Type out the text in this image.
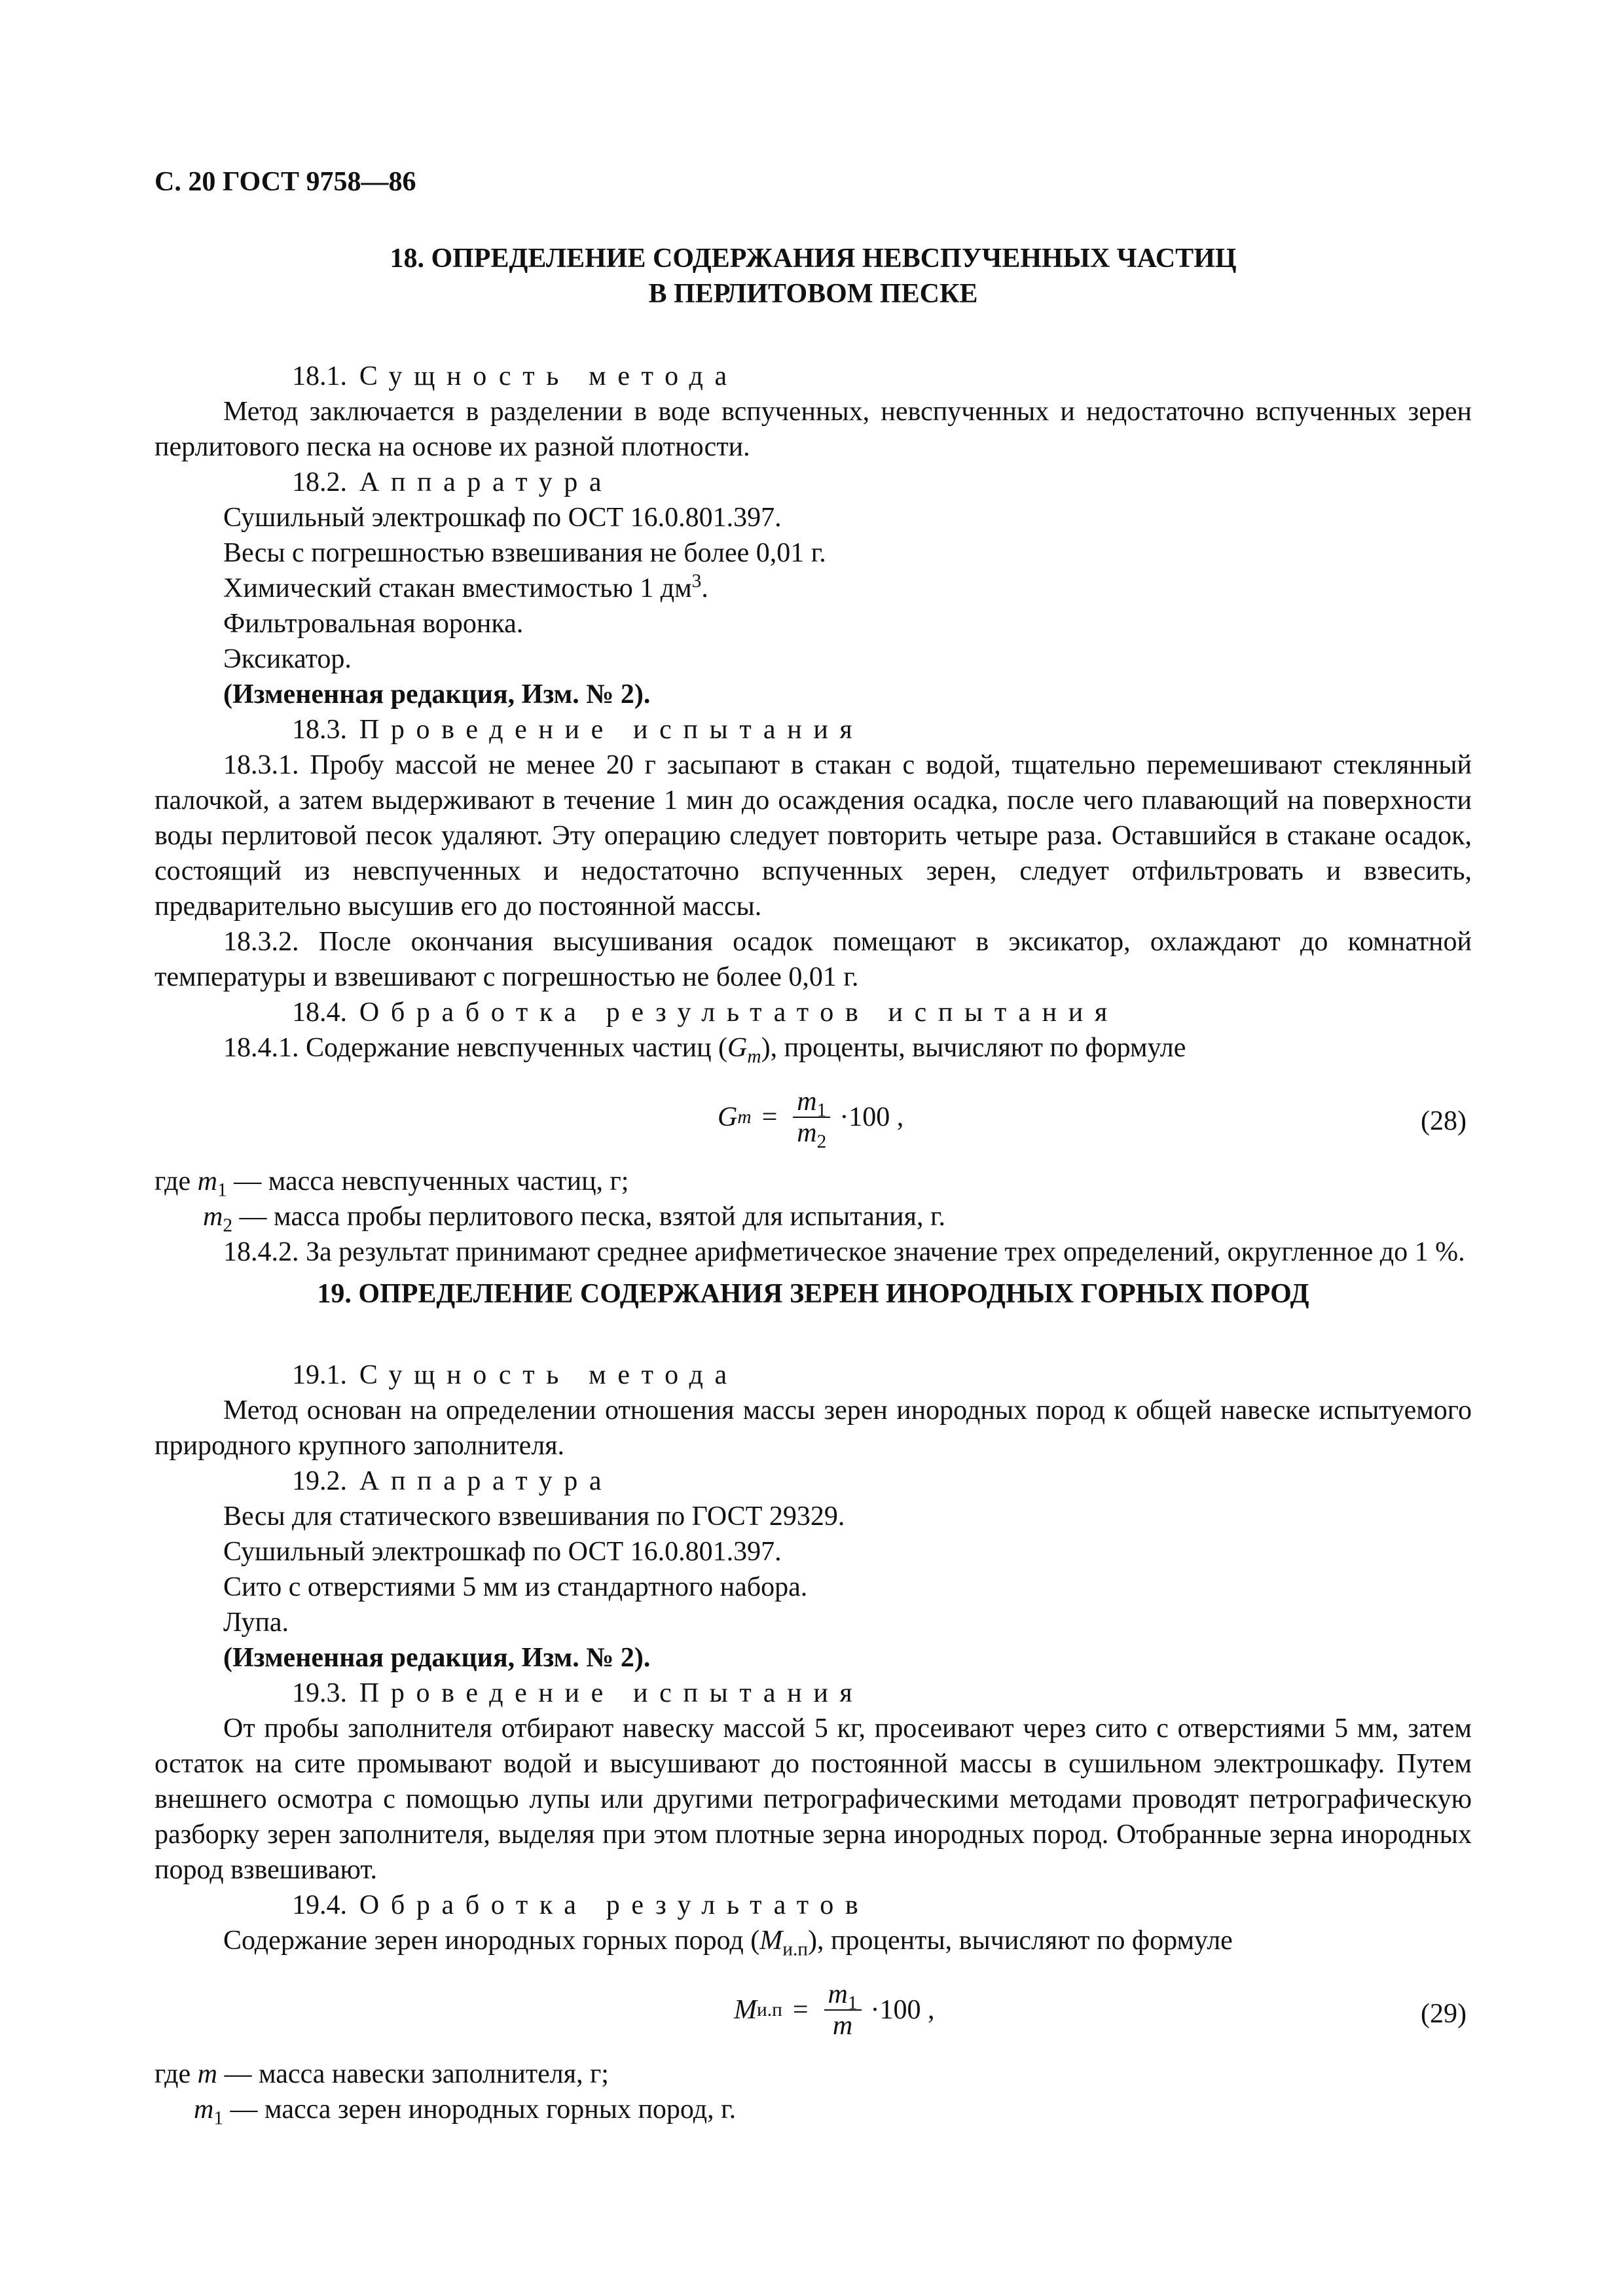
С. 20 ГОСТ 9758—86
18. ОПРЕДЕЛЕНИЕ СОДЕРЖАНИЯ НЕВСПУЧЕННЫХ ЧАСТИЦ
В ПЕРЛИТОВОМ ПЕСКЕ

18.1. Сущность метода

Метод заключается в разделении в воде вспученных, невспученных и недостаточно вспученных зерен перлитового песка на основе их разной плотности.

18.2. Аппаратура

Сушильный электрошкаф по ОСТ 16.0.801.397.

Весы с погрешностью взвешивания не более 0,01 г.

Химический стакан вместимостью 1 $дм^3$.

Фильтровальная воронка.

Эксикатор.

(Измененная редакция, Изм. № 2).

18.3. Проведение испытания

18.3.1. Пробу массой не менее 20 г засыпают в стакан с водой, тщательно перемешивают стеклянный палочкой, а затем выдерживают в течение 1 мин до осаждения осадка, после чего плавающий на поверхности воды перлитовой песок удаляют. Эту операцию следует повторить четыре раза. Оставшийся в стакане осадок, состоящий из невспученных и недостаточно вспученных зерен, следует отфильтровать и взвесить, предварительно высушив его до постоянной массы.

18.3.2. После окончания высушивания осадок помещают в эксикатор, охлаждают до комнатной температуры и взвешивают с погрешностью не более 0,01 г.

18.4. Обработка результатов испытания

18.4.1. Содержание невспученных частиц $(G_m)$, проценты, вычисляют по формуле

G $m = \frac{m_1}{m_2} \cdot 100$ ,	(28)

где $m_1$ — масса невспученных частиц, г;

$m_2$ — масса пробы перлитового песка, взятой для испытания, г.

18.4.2. За результат принимают среднее арифметическое значение трех определений, округленное до 1 %.

19. ОПРЕДЕЛЕНИЕ СОДЕРЖАНИЯ ЗЕРЕН ИНОРОДНЫХ ГОРНЫХ ПОРОД

19.1. Сущность метода

Метод основан на определении отношения массы зерен инородных пород к общей навеске испытуемого природного крупного заполнителя.

19.2. Аппаратура

Весы для статического взвешивания по ГОСТ 29329.

Сушильный электрошкаф по ОСТ 16.0.801.397.

Сито с отверстиями 5 мм из стандартного набора.

Лупа.

(Измененная редакция, Изм. № 2).

19.3. Проведение испытания

От пробы заполнителя отбирают навеску массой 5 кг, просеивают через сито с отверстиями 5 мм, затем остаток на сите промывают водой и высушивают до постоянной массы в сушильном электрошкафу. Путем внешнего осмотра с помощью лупы или другими петрографическими методами проводят петрографическую разборку зерен заполнителя, выделяя при этом плотные зерна инородных пород. Отобранные зерна инородных пород взвешивают.

19.4. Обработка результатов

Содержание зерен инородных горных пород $(М_{и.п})$, проценты, вычисляют по формуле

М $и.п = \frac{m_1}{m} \cdot 100$ ,	(29)

где m — масса навески заполнителя, г;

$m_1$ — масса зерен инородных горных пород, г.
